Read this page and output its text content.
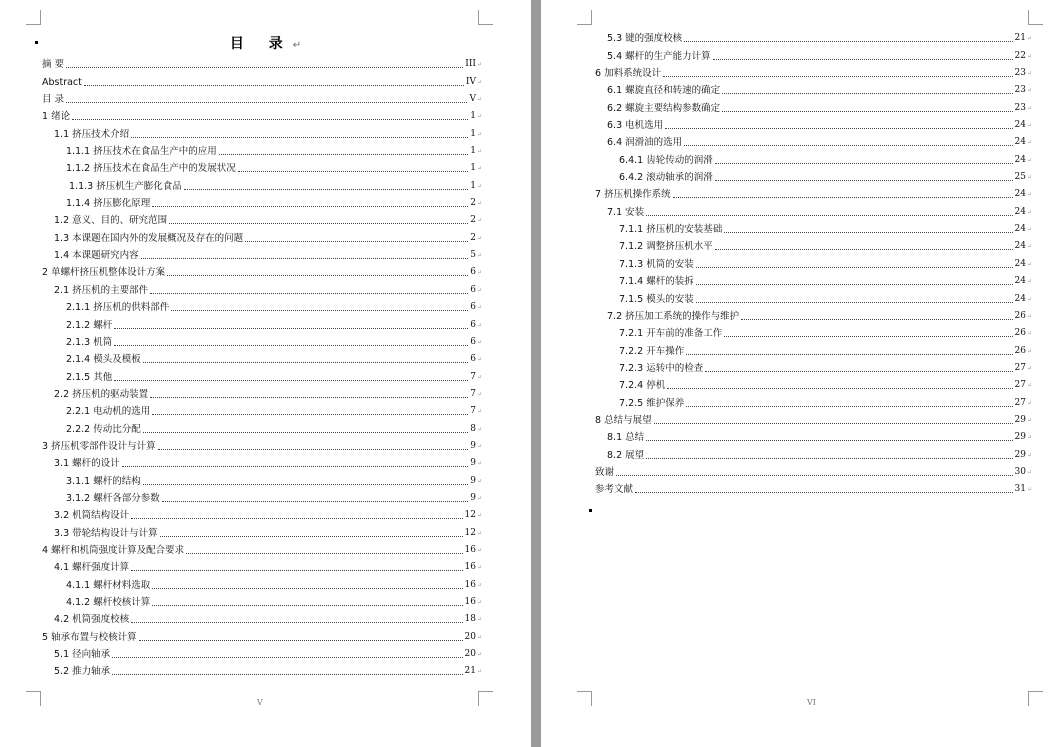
目 录↵
摘 要	III ↵
Abstract	IV ↵
目 录	V ↵
1 绪论	1 ↵
1.1 挤压技术介绍	1 ↵
1.1.1 挤压技术在食品生产中的应用	1 ↵
1.1.2 挤压技术在食品生产中的发展状况	1 ↵
1.1.3 挤压机生产膨化食品	1 ↵
1.1.4 挤压膨化原理	2 ↵
1.2 意义、目的、研究范围	2 ↵
1.3 本课题在国内外的发展概况及存在的问题	2 ↵
1.4 本课题研究内容	5 ↵
2 单螺杆挤压机整体设计方案	6 ↵
2.1 挤压机的主要部件	6 ↵
2.1.1 挤压机的供料部件	6 ↵
2.1.2 螺杆	6 ↵
2.1.3 机筒	6 ↵
2.1.4 模头及模板	6 ↵
2.1.5 其他	7 ↵
2.2 挤压机的驱动装置	7 ↵
2.2.1 电动机的选用	7 ↵
2.2.2 传动比分配	8 ↵
3 挤压机零部件设计与计算	9 ↵
3.1 螺杆的设计	9 ↵
3.1.1 螺杆的结构	9 ↵
3.1.2 螺杆各部分参数	9 ↵
3.2 机筒结构设计	12 ↵
3.3 带轮结构设计与计算	12 ↵
4 螺杆和机筒强度计算及配合要求	16 ↵
4.1 螺杆强度计算	16 ↵
4.1.1 螺杆材料选取	16 ↵
4.1.2 螺杆校核计算	16 ↵
4.2 机筒强度校核	18 ↵
5 轴承布置与校核计算	20 ↵
5.1 径向轴承	20 ↵
5.2 推力轴承	21 ↵
V
5.3 键的强度校核	21 ↵
5.4 螺杆的生产能力计算	22 ↵
6 加料系统设计	23 ↵
6.1 螺旋直径和转速的确定	23 ↵
6.2 螺旋主要结构参数确定	23 ↵
6.3 电机选用	24 ↵
6.4 润滑油的选用	24 ↵
6.4.1 齿轮传动的润滑	24 ↵
6.4.2 滚动轴承的润滑	25 ↵
7 挤压机操作系统	24 ↵
7.1 安装	24 ↵
7.1.1 挤压机的安装基础	24 ↵
7.1.2 调整挤压机水平	24 ↵
7.1.3 机筒的安装	24 ↵
7.1.4 螺杆的装拆	24 ↵
7.1.5 模头的安装	24 ↵
7.2 挤压加工系统的操作与维护	26 ↵
7.2.1 开车前的准备工作	26 ↵
7.2.2 开车操作	26 ↵
7.2.3 运转中的检查	27 ↵
7.2.4 停机	27 ↵
7.2.5 维护保养	27 ↵
8 总结与展望	29 ↵
8.1 总结	29 ↵
8.2 展望	29 ↵
致谢	30 ↵
参考文献	31 ↵
VI
